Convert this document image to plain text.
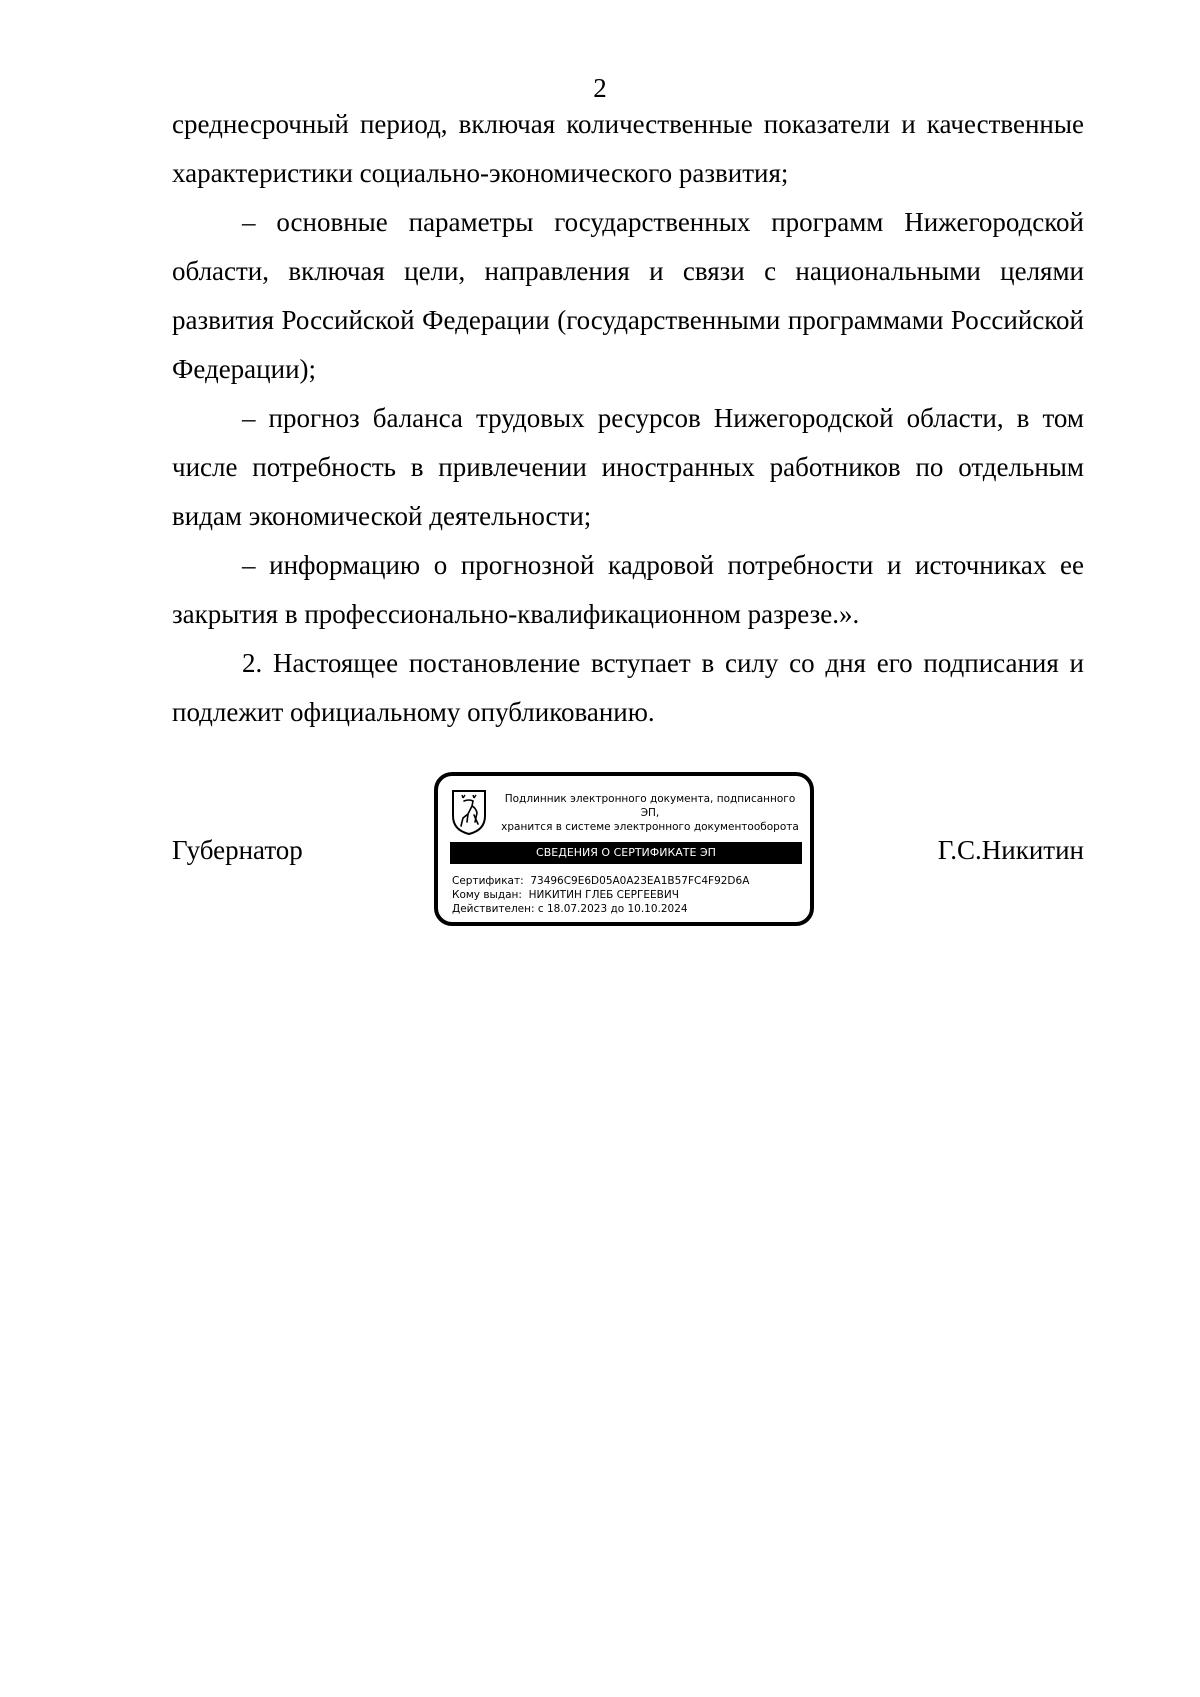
2

среднесрочный период, включая количественные показатели и качественные характеристики социально-экономического развития;

– основные параметры государственных программ Нижегородской области, включая цели, направления и связи с национальными целями развития Российской Федерации (государственными программами Российской Федерации);

– прогноз баланса трудовых ресурсов Нижегородской области, в том числе потребность в привлечении иностранных работников по отдельным видам экономической деятельности;

– информацию о прогнозной кадровой потребности и источниках ее закрытия в профессионально-квалификационном разрезе.».

2. Настоящее постановление вступает в силу со дня его подписания и подлежит официальному опубликованию.

Губернатор
Подлинник электронного документа, подписанного ЭП,
хранится в системе электронного документооборота
СВЕДЕНИЯ О СЕРТИФИКАТЕ ЭП
Сертификат: 73496C9E6D05A0A23EA1B57FC4F92D6A
Кому выдан: НИКИТИН ГЛЕБ СЕРГЕЕВИЧ
Действителен: с 18.07.2023 до 10.10.2024
Г.С.Никитин
